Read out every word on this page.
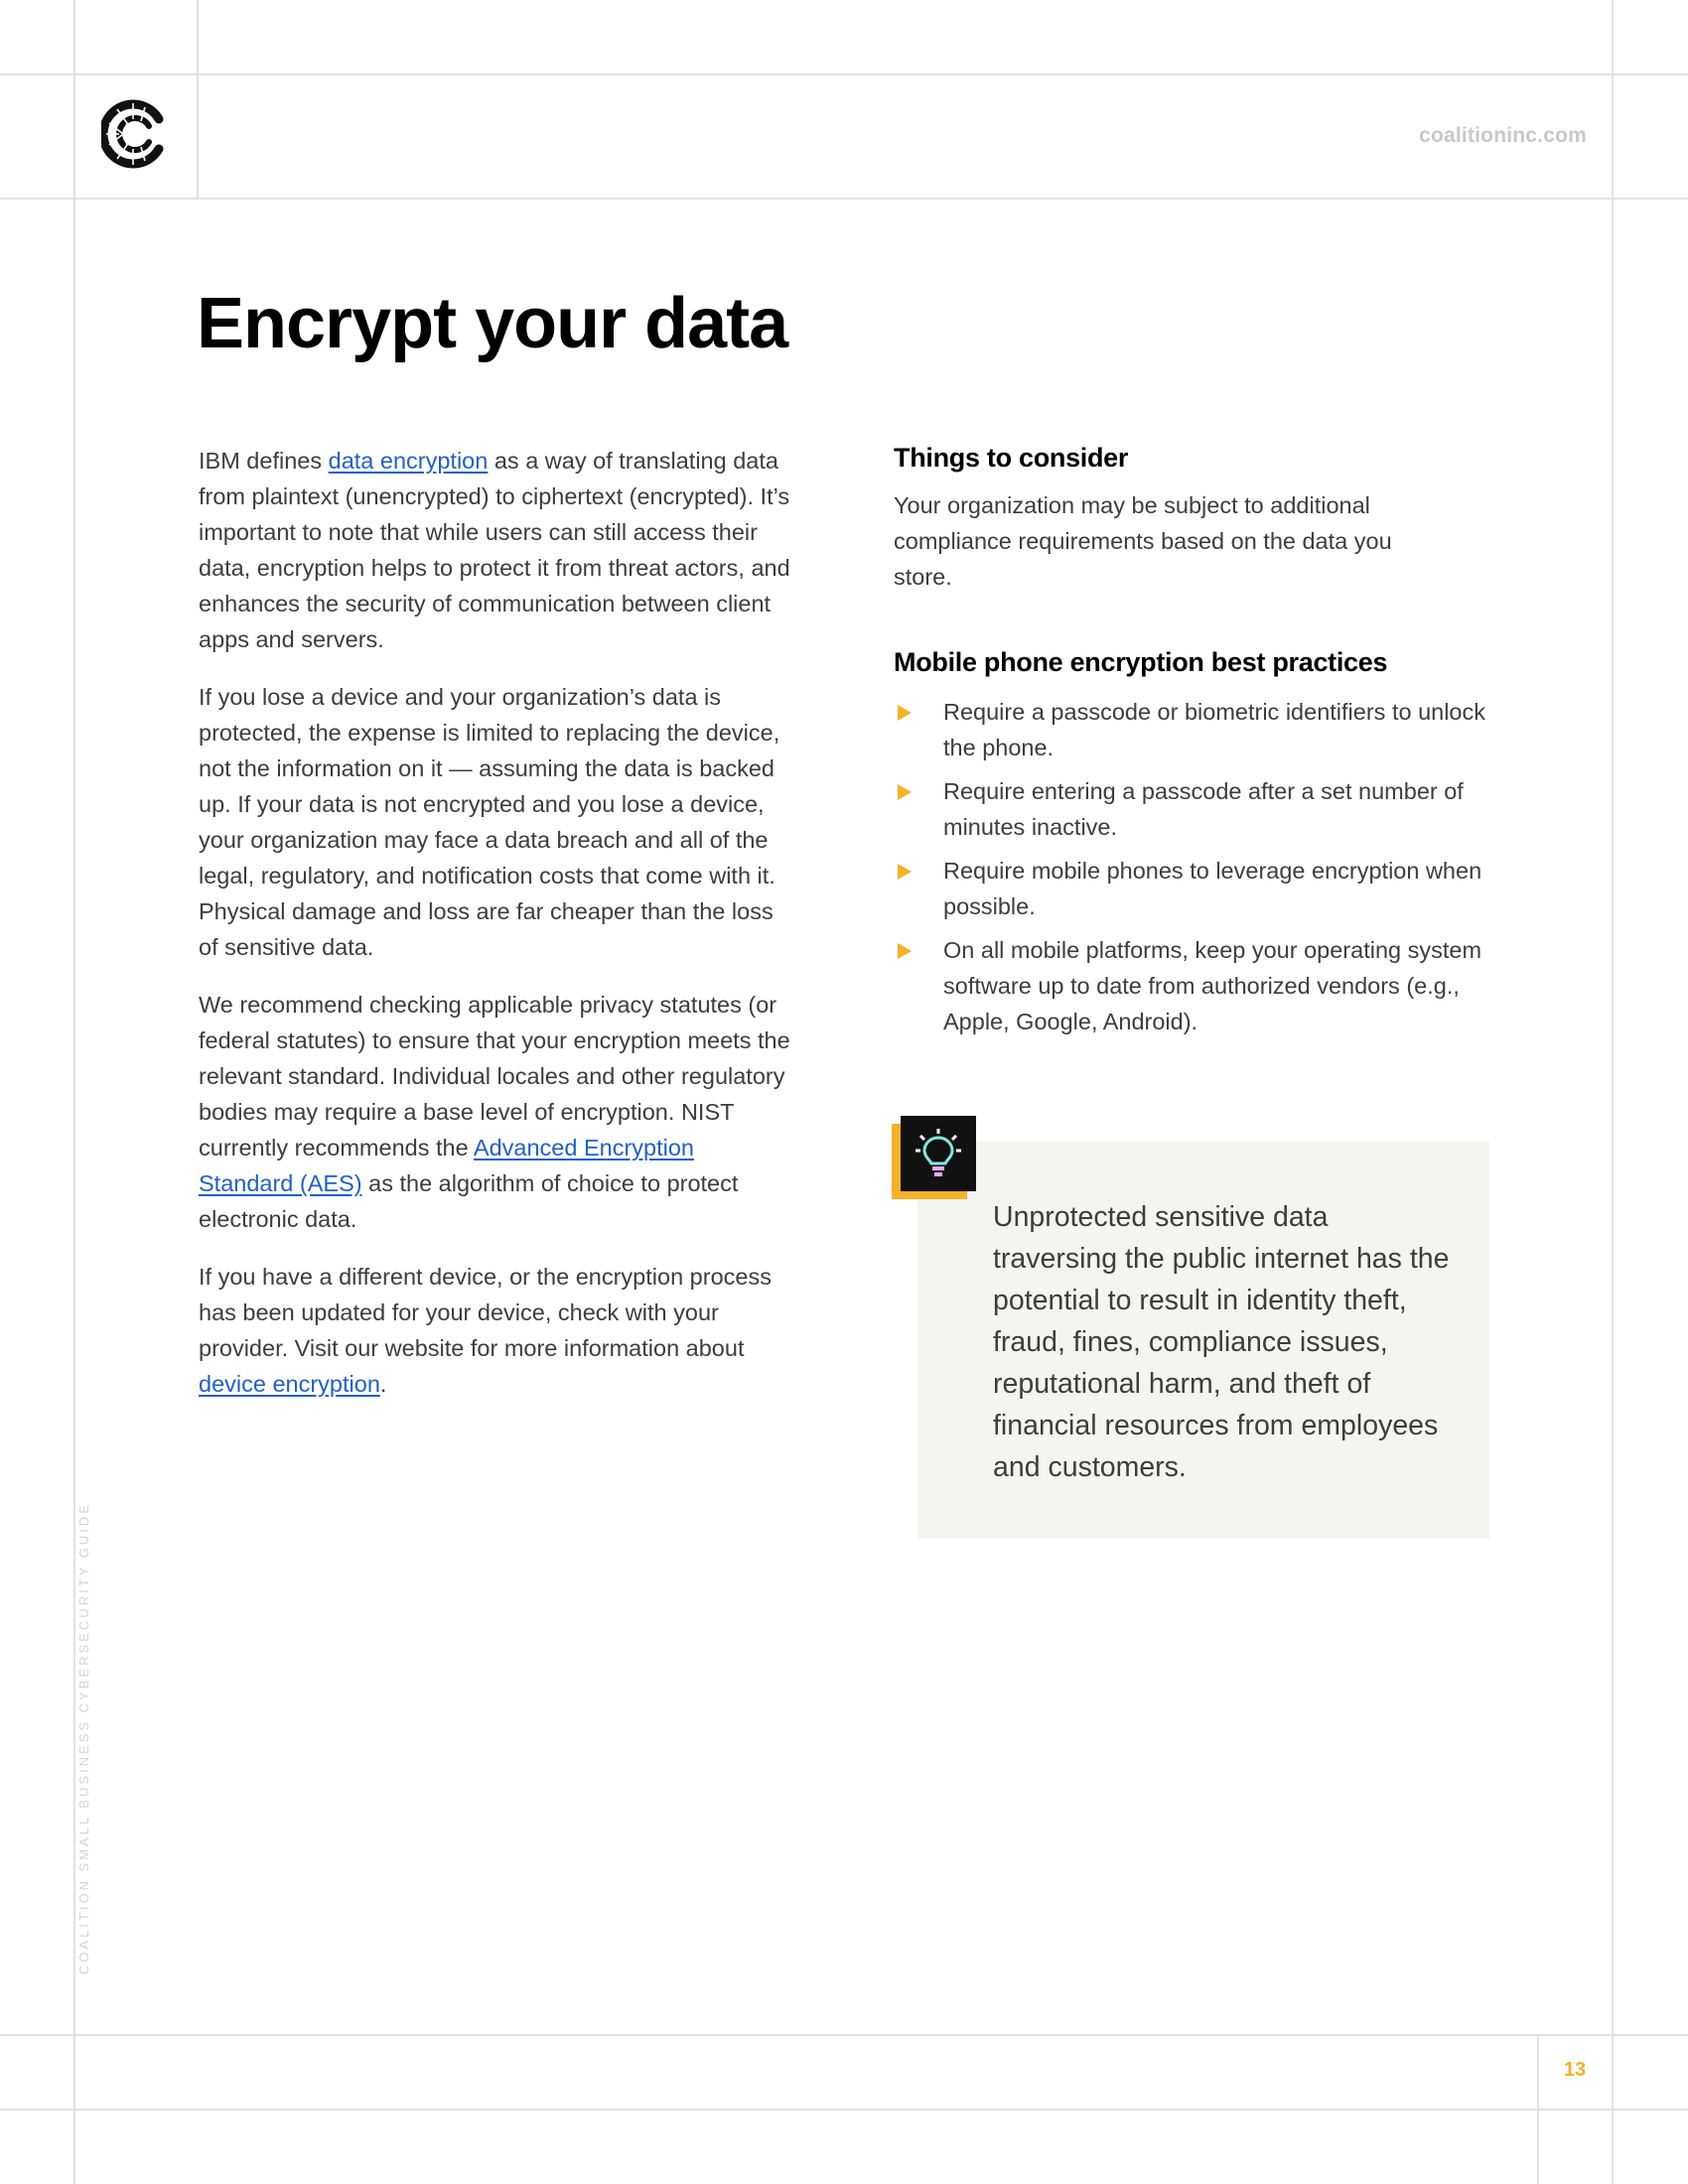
coalitioninc.com
Encrypt your data

IBM defines data encryption as a way of translating data from plaintext (unencrypted) to ciphertext (encrypted). It’s important to note that while users can still access their data, encryption helps to protect it from threat actors, and enhances the security of communication between client apps and servers.

If you lose a device and your organization’s data is protected, the expense is limited to replacing the device, not the information on it — assuming the data is backed up. If your data is not encrypted and you lose a device, your organization may face a data breach and all of the legal, regulatory, and notification costs that come with it. Physical damage and loss are far cheaper than the loss of sensitive data.

We recommend checking applicable privacy statutes (or federal statutes) to ensure that your encryption meets the relevant standard. Individual locales and other regulatory bodies may require a base level of encryption. NIST currently recommends the Advanced Encryption Standard (AES) as the algorithm of choice to protect electronic data.

If you have a different device, or the encryption process has been updated for your device, check with your provider. Visit our website for more information about device encryption.

Things to consider

Your organization may be subject to additional compliance requirements based on the data you store.

Mobile phone encryption best practices
Require a passcode or biometric identifiers to unlock the phone.
Require entering a passcode after a set number of minutes inactive.
Require mobile phones to leverage encryption when possible.
On all mobile platforms, keep your operating system software up to date from authorized vendors (e.g., Apple, Google, Android).
Unprotected sensitive data traversing the public internet has the potential to result in identity theft, fraud, fines, compliance issues, reputational harm, and theft of financial resources from employees and customers.
COALITION SMALL BUSINESS CYBERSECURITY GUIDE
13
